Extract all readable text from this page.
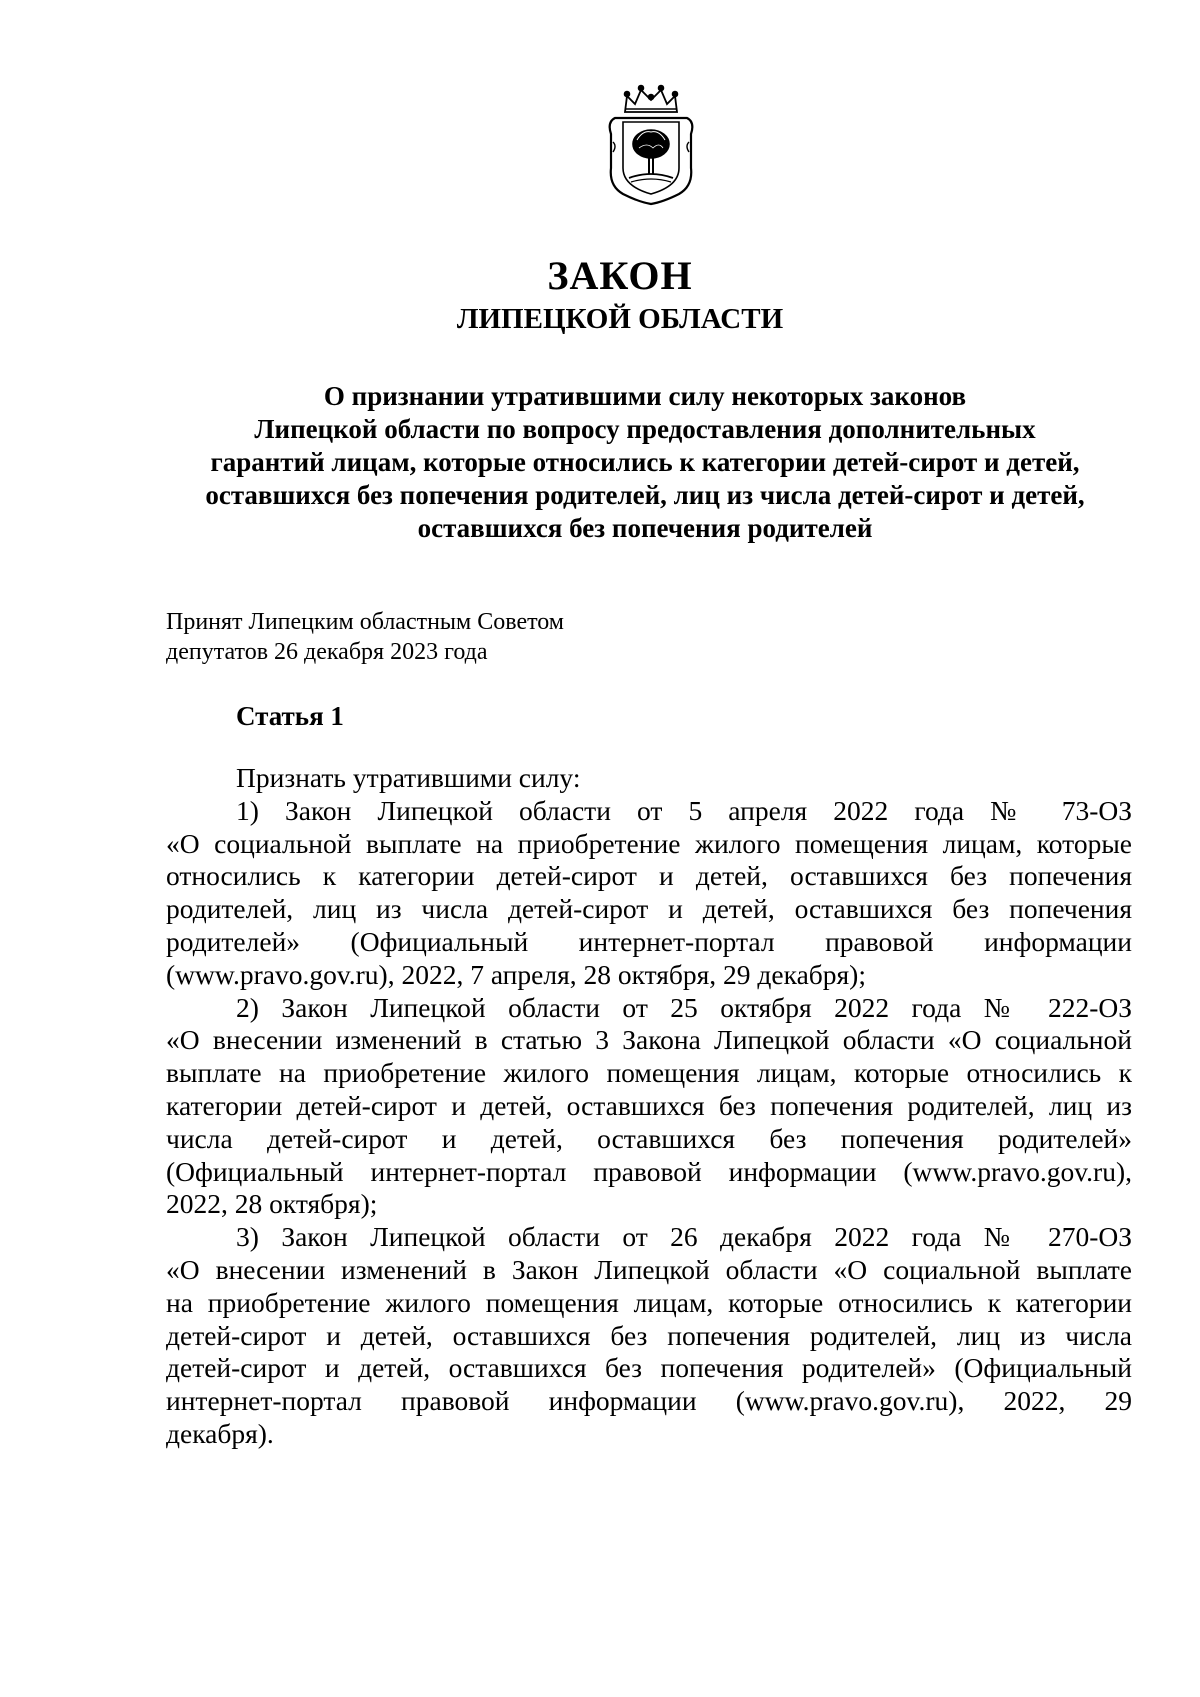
ЗАКОН
ЛИПЕЦКОЙ ОБЛАСТИ
О признании утратившими силу некоторых законов
Липецкой области по вопросу предоставления дополнительных
гарантий лицам, которые относились к категории детей-сирот и детей,
оставшихся без попечения родителей, лиц из числа детей-сирот и детей,
оставшихся без попечения родителей
Принят Липецким областным Советом
депутатов 26 декабря 2023 года
Статья 1
Признать утратившими силу:
1) Закон Липецкой области от 5 апреля 2022 года № 73-ОЗ
«О социальной выплате на приобретение жилого помещения лицам, которые
относились к категории детей-сирот и детей, оставшихся без попечения
родителей, лиц из числа детей-сирот и детей, оставшихся без попечения
родителей» (Официальный интернет-портал правовой информации
(www.pravo.gov.ru), 2022, 7 апреля, 28 октября, 29 декабря);
2) Закон Липецкой области от 25 октября 2022 года № 222-ОЗ
«О внесении изменений в статью 3 Закона Липецкой области «О социальной
выплате на приобретение жилого помещения лицам, которые относились к
категории детей-сирот и детей, оставшихся без попечения родителей, лиц из
числа детей-сирот и детей, оставшихся без попечения родителей»
(Официальный интернет-портал правовой информации (www.pravo.gov.ru),
2022, 28 октября);
3) Закон Липецкой области от 26 декабря 2022 года № 270-ОЗ
«О внесении изменений в Закон Липецкой области «О социальной выплате
на приобретение жилого помещения лицам, которые относились к категории
детей-сирот и детей, оставшихся без попечения родителей, лиц из числа
детей-сирот и детей, оставшихся без попечения родителей» (Официальный
интернет-портал правовой информации (www.pravo.gov.ru), 2022, 29
декабря).
